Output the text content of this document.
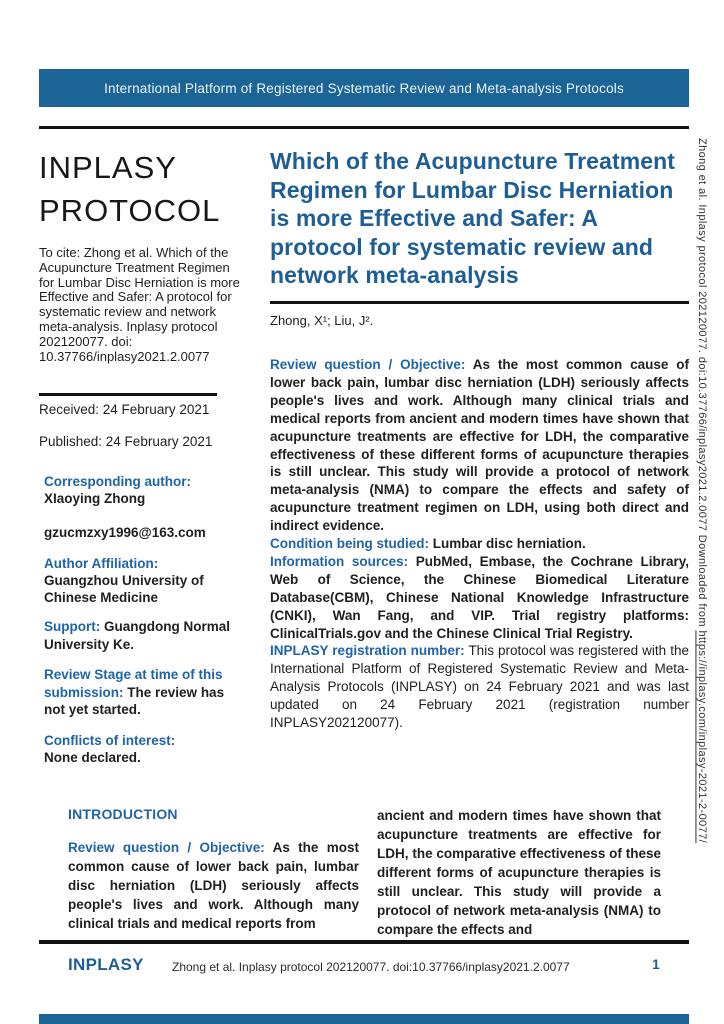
International Platform of Registered Systematic Review and Meta-analysis Protocols
INPLASY
PROTOCOL
To cite: Zhong et al. Which of the Acupuncture Treatment Regimen for Lumbar Disc Herniation is more Effective and Safer: A protocol for systematic review and network meta-analysis. Inplasy protocol 202120077. doi: 10.37766/inplasy2021.2.0077
Received: 24 February 2021
Published: 24 February 2021
Corresponding author:
XIaoying Zhong
gzucmzxy1996@163.com
Author Affiliation:
Guangzhou University of Chinese Medicine
Support: Guangdong Normal University Ke.
Review Stage at time of this submission: The review has not yet started.
Conflicts of interest:
None declared.
Which of the Acupuncture Treatment Regimen for Lumbar Disc Herniation is more Effective and Safer: A protocol for systematic review and network meta-analysis
Zhong, X¹; Liu, J².

Review question / Objective: As the most common cause of lower back pain, lumbar disc herniation (LDH) seriously affects people's lives and work. Although many clinical trials and medical reports from ancient and modern times have shown that acupuncture treatments are effective for LDH, the comparative effectiveness of these different forms of acupuncture therapies is still unclear. This study will provide a protocol of network meta-analysis (NMA) to compare the effects and safety of acupuncture treatment regimen on LDH, using both direct and indirect evidence.

Condition being studied: Lumbar disc herniation.

Information sources: PubMed, Embase, the Cochrane Library, Web of Science, the Chinese Biomedical Literature Database(CBM), Chinese National Knowledge Infrastructure (CNKI), Wan Fang, and VIP. Trial registry platforms: ClinicalTrials.gov and the Chinese Clinical Trial Registry.

INPLASY registration number: This protocol was registered with the International Platform of Registered Systematic Review and Meta-Analysis Protocols (INPLASY) on 24 February 2021 and was last updated on 24 February 2021 (registration number INPLASY202120077).

INTRODUCTION

Review question / Objective: As the most common cause of lower back pain, lumbar disc herniation (LDH) seriously affects people's lives and work. Although many clinical trials and medical reports from

ancient and modern times have shown that acupuncture treatments are effective for LDH, the comparative effectiveness of these different forms of acupuncture therapies is still unclear. This study will provide a protocol of network meta-analysis (NMA) to compare the effects and

INPLASY Zhong et al. Inplasy protocol 202120077. doi:10.37766/inplasy2021.2.0077	1
Zhong et al. Inplasy protocol 202120077. doi:10.37766/inplasy2021.2.0077 Downloaded from https://inplasy.com/inplasy-2021-2-0077/
